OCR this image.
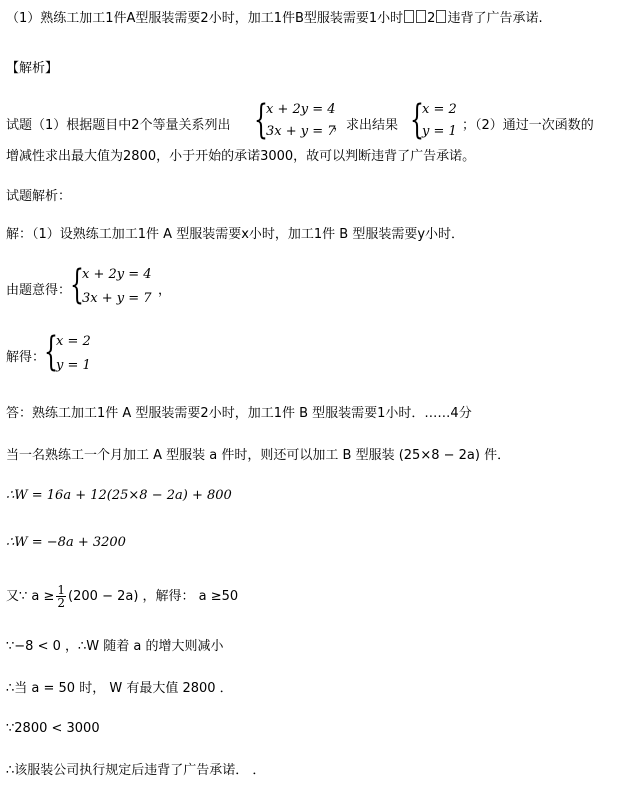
（1）熟练工加工1件A型服装需要2小时，加工1件B型服装需要1小时 2 违背了广告承诺.
【解析】
试题（1）根据题目中2个等量关系列出 {
x + 2y = 4
3x + y = 7
，求出结果 {
x = 2
y = 1 ；（2）通过一次函数的
增减性求出最大值为2800，小于开始的承诺3000，故可以判断违背了广告承诺。
试题解析：
解：（1）设熟练工加工1件 A 型服装需要x小时，加工1件 B 型服装需要y小时．
由题意得：
{
x + 2y = 4
3x + y = 7
，
解得：
{
x = 2
y = 1
答：熟练工加工1件 A 型服装需要2小时，加工1件 B 型服装需要1小时．……4分
当一名熟练工一个月加工 A 型服装 a 件时，则还可以加工 B 型服装 (25×8 − 2a) 件．
∴W = 16a + 12(25×8 − 2a) + 800
∴W = −8a + 3200
又∵ $a \ge \frac{1}{2} (200 - 2a)$ ，解得： a ≥50
∵−8 < 0 ，∴W 随着 a 的增大则减小
∴当 a = 50 时， W 有最大值 2800 ．
∵2800 < 3000
∴该服装公司执行规定后违背了广告承诺． ．
